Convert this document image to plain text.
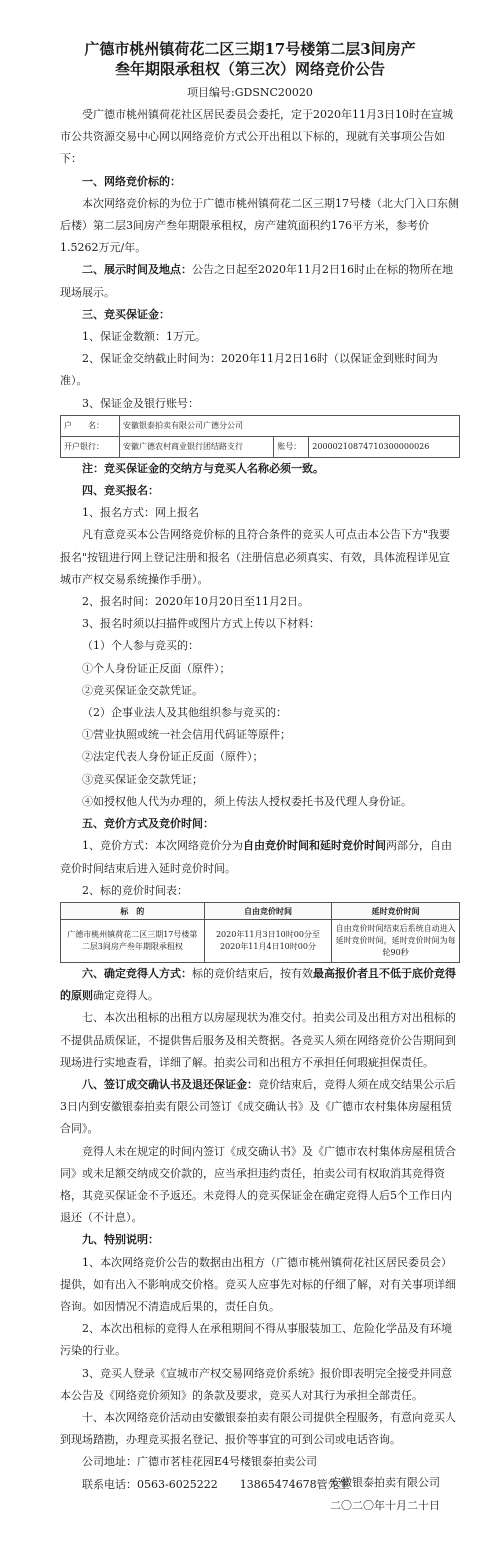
广德市桃州镇荷花二区三期17号楼第二层3间房产
叁年期限承租权（第三次）网络竞价公告
项目编号:GDSNC20020

受广德市桃州镇荷花社区居民委员会委托，定于2020年11月3日10时在宣城市公共资源交易中心网以网络竞价方式公开出租以下标的，现就有关事项公告如下：

一、网络竞价标的：

本次网络竞价标的为位于广德市桃州镇荷花二区三期17号楼（北大门入口东侧后楼）第二层3间房产叁年期限承租权，房产建筑面积约176平方米，参考价1.5262万元/年。

二、展示时间及地点：公告之日起至2020年11月2日16时止在标的物所在地现场展示。

三、竞买保证金：

1、保证金数额：1万元。

2、保证金交纳截止时间为：2020年11月2日16时（以保证金到账时间为准）。

3、保证金及银行账号：

户　　名：	安徽银泰拍卖有限公司广德分公司		
开户银行：	安徽广德农村商业银行团结路支行	账号：	20000210874710300000026

注：竞买保证金的交纳方与竞买人名称必须一致。

四、竞买报名：

1、报名方式：网上报名

凡有意竞买本公告网络竞价标的且符合条件的竞买人可点击本公告下方"我要报名"按钮进行网上登记注册和报名（注册信息必须真实、有效，具体流程详见宣城市产权交易系统操作手册）。

2、报名时间：2020年10月20日至11月2日。

3、报名时须以扫描件或图片方式上传以下材料：

（1）个人参与竞买的：

①个人身份证正反面（原件）；

②竞买保证金交款凭证。

（2）企事业法人及其他组织参与竞买的：

①营业执照或统一社会信用代码证等原件；

②法定代表人身份证正反面（原件）；

③竞买保证金交款凭证；

④如授权他人代为办理的，须上传法人授权委托书及代理人身份证。

五、竞价方式及竞价时间：

1、竞价方式：本次网络竞价分为自由竞价时间和延时竞价时间两部分，自由竞价时间结束后进入延时竞价时间。

2、标的竞价时间表：

标　的	自由竞价时间	延时竞价时间
广德市桃州镇荷花二区三期17号楼第二层3间房产叁年期限承租权	2020年11月3日10时00分至2020年11月4日10时00分	自由竞价时间结束后系统自动进入延时竞价时间，延时竞价时间为每轮90秒

六、确定竞得人方式：标的竞价结束后，按有效最高报价者且不低于底价竞得的原则确定竞得人。

七、本次出租标的出租方以房屋现状为准交付。拍卖公司及出租方对出租标的不提供品质保证，不提供售后服务及相关赘据。各竞买人须在网络竞价公告期间到现场进行实地查看，详细了解。拍卖公司和出租方不承担任何瑕疵担保责任。

八、签订成交确认书及退还保证金：竞价结束后，竞得人须在成交结果公示后3日内到安徽银泰拍卖有限公司签订《成交确认书》及《广德市农村集体房屋租赁合同》。

竞得人未在规定的时间内签订《成交确认书》及《广德市农村集体房屋租赁合同》或未足额交纳成交价款的，应当承担违约责任，拍卖公司有权取消其竞得资格，其竞买保证金不予返还。未竞得人的竞买保证金在确定竞得人后5个工作日内退还（不计息）。

九、特别说明：

1、本次网络竞价公告的数据由出租方（广德市桃州镇荷花社区居民委员会）提供，如有出入不影响成交价格。竞买人应事先对标的仔细了解，对有关事项详细咨询。如因情况不清造成后果的，责任自负。

2、本次出租标的竞得人在承租期间不得从事服装加工、危险化学品及有环境污染的行业。

3、竞买人登录《宣城市产权交易网络竞价系统》报价即表明完全接受并同意本公告及《网络竞价须知》的条款及要求，竞买人对其行为承担全部责任。

十、本次网络竞价活动由安徽银泰拍卖有限公司提供全程服务，有意向竞买人到现场踏勘，办理竞买报名登记、报价等事宜的可到公司或电话咨询。

公司地址：广德市茗桂花园E4号楼银泰拍卖公司

联系电话：0563-6025222　　13865474678管先生

安徽银泰拍卖有限公司
二〇二〇年十月二十日
